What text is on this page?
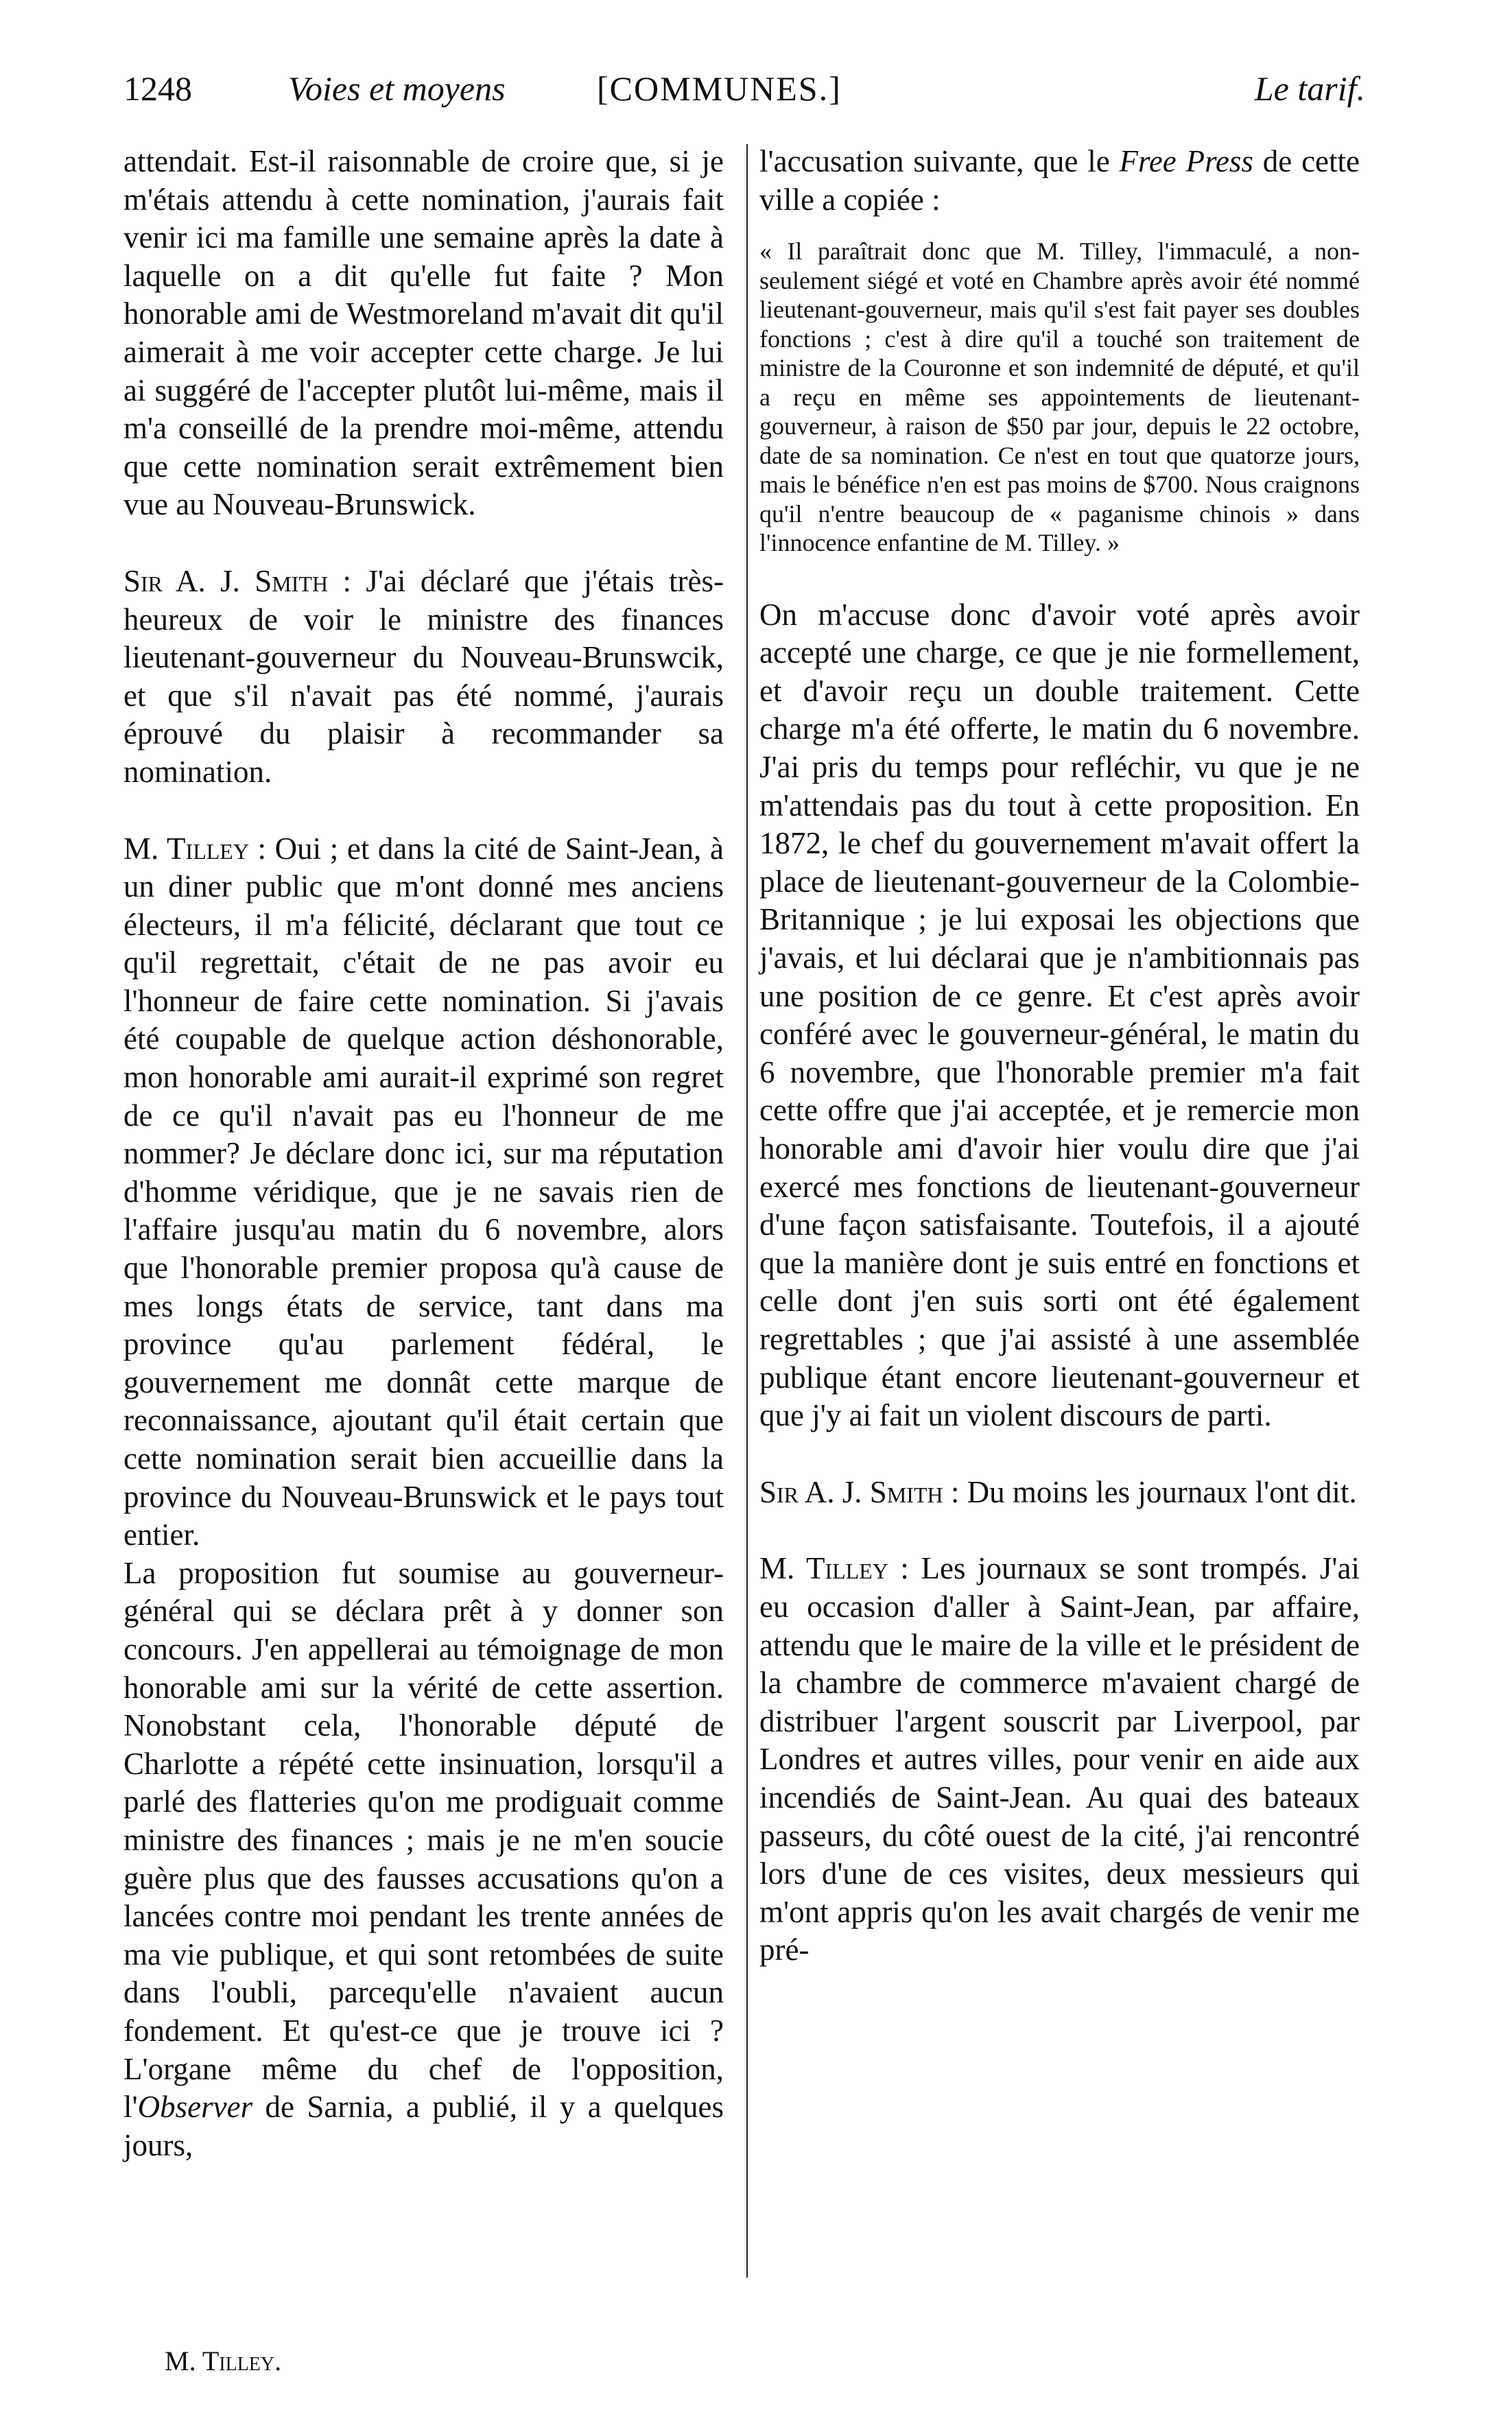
1248	Voies et moyens	[COMMUNES.]	Le tarif.

attendait. Est-il raisonnable de croire que, si je m'étais attendu à cette nomination, j'aurais fait venir ici ma famille une semaine après la date à laquelle on a dit qu'elle fut faite ? Mon honorable ami de Westmoreland m'avait dit qu'il aimerait à me voir accepter cette charge. Je lui ai suggéré de l'accepter plutôt lui-même, mais il m'a conseillé de la prendre moi-même, attendu que cette nomination serait extrêmement bien vue au Nouveau-Brunswick.

Sir A. J. Smith : J'ai déclaré que j'étais très-heureux de voir le ministre des finances lieutenant-gouverneur du Nouveau-Brunswcik, et que s'il n'avait pas été nommé, j'aurais éprouvé du plaisir à recommander sa nomination.

M. Tilley : Oui ; et dans la cité de Saint-Jean, à un diner public que m'ont donné mes anciens électeurs, il m'a félicité, déclarant que tout ce qu'il regrettait, c'était de ne pas avoir eu l'honneur de faire cette nomination. Si j'avais été coupable de quelque action déshonorable, mon honorable ami aurait-il exprimé son regret de ce qu'il n'avait pas eu l'honneur de me nommer? Je déclare donc ici, sur ma réputation d'homme véridique, que je ne savais rien de l'affaire jusqu'au matin du 6 novembre, alors que l'honorable premier proposa qu'à cause de mes longs états de service, tant dans ma province qu'au parlement fédéral, le gouvernement me donnât cette marque de reconnaissance, ajoutant qu'il était certain que cette nomination serait bien accueillie dans la province du Nouveau-Brunswick et le pays tout entier.

La proposition fut soumise au gouverneur-général qui se déclara prêt à y donner son concours. J'en appellerai au témoignage de mon honorable ami sur la vérité de cette assertion. Nonobstant cela, l'honorable député de Charlotte a répété cette insinuation, lorsqu'il a parlé des flatteries qu'on me prodiguait comme ministre des finances ; mais je ne m'en soucie guère plus que des fausses accusations qu'on a lancées contre moi pendant les trente années de ma vie publique, et qui sont retombées de suite dans l'oubli, parcequ'elle n'avaient aucun fondement. Et qu'est-ce que je trouve ici ? L'organe même du chef de l'opposition, l'Observer de Sarnia, a publié, il y a quelques jours,

l'accusation suivante, que le Free Press de cette ville a copiée :

« Il paraîtrait donc que M. Tilley, l'immaculé, a non-seulement siégé et voté en Chambre après avoir été nommé lieutenant-gouverneur, mais qu'il s'est fait payer ses doubles fonctions ; c'est à dire qu'il a touché son traitement de ministre de la Couronne et son indemnité de député, et qu'il a reçu en même ses appointements de lieutenant-gouverneur, à raison de $50 par jour, depuis le 22 octobre, date de sa nomination. Ce n'est en tout que quatorze jours, mais le bénéfice n'en est pas moins de $700. Nous craignons qu'il n'entre beaucoup de « paganisme chinois » dans l'innocence enfantine de M. Tilley. »

On m'accuse donc d'avoir voté après avoir accepté une charge, ce que je nie formellement, et d'avoir reçu un double traitement. Cette charge m'a été offerte, le matin du 6 novembre. J'ai pris du temps pour refléchir, vu que je ne m'attendais pas du tout à cette proposition. En 1872, le chef du gouvernement m'avait offert la place de lieutenant-gouverneur de la Colombie-Britannique ; je lui exposai les objections que j'avais, et lui déclarai que je n'ambitionnais pas une position de ce genre. Et c'est après avoir conféré avec le gouverneur-général, le matin du 6 novembre, que l'honorable premier m'a fait cette offre que j'ai acceptée, et je remercie mon honorable ami d'avoir hier voulu dire que j'ai exercé mes fonctions de lieutenant-gouverneur d'une façon satisfaisante. Toutefois, il a ajouté que la manière dont je suis entré en fonctions et celle dont j'en suis sorti ont été également regrettables ; que j'ai assisté à une assemblée publique étant encore lieutenant-gouverneur et que j'y ai fait un violent discours de parti.

Sir A. J. Smith : Du moins les journaux l'ont dit.

M. Tilley : Les journaux se sont trompés. J'ai eu occasion d'aller à Saint-Jean, par affaire, attendu que le maire de la ville et le président de la chambre de commerce m'avaient chargé de distribuer l'argent souscrit par Liverpool, par Londres et autres villes, pour venir en aide aux incendiés de Saint-Jean. Au quai des bateaux passeurs, du côté ouest de la cité, j'ai rencontré lors d'une de ces visites, deux messieurs qui m'ont appris qu'on les avait chargés de venir me pré-

M. Tilley.
